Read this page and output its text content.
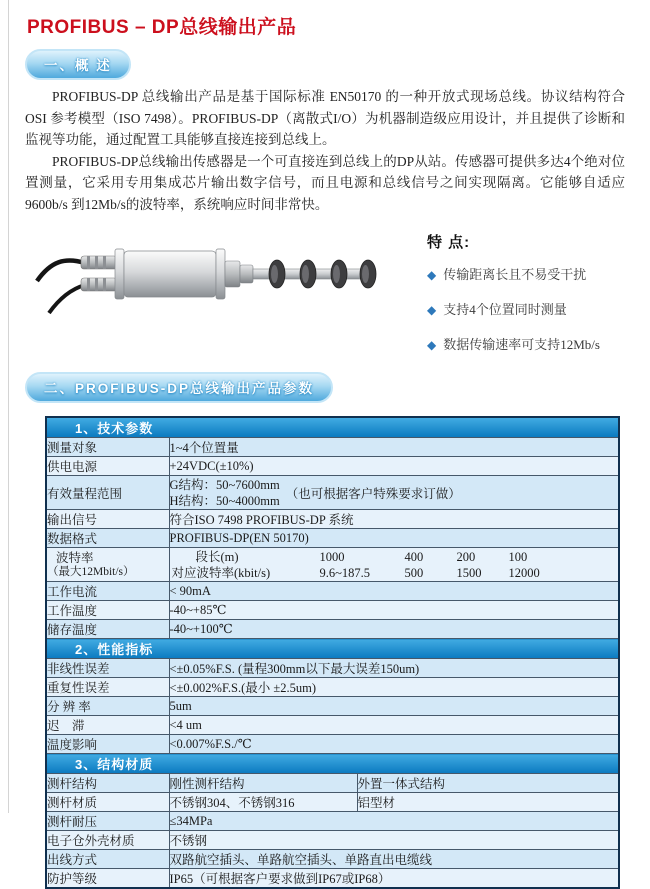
PROFIBUS – DP总线输出产品
一、概 述

PROFIBUS-DP 总线输出产品是基于国际标准 EN50170 的一种开放式现场总线。协议结构符合 OSI 参考模型（ISO 7498）。PROFIBUS-DP（离散式I/O）为机器制造级应用设计，并且提供了诊断和监视等功能，通过配置工具能够直接连接到总线上。

PROFIBUS-DP总线输出传感器是一个可直接连到总线上的DP从站。传感器可提供多达4个绝对位置测量，它采用专用集成芯片输出数字信号，而且电源和总线信号之间实现隔离。它能够自适应9600b/s 到12Mb/s的波特率，系统响应时间非常快。

特 点:
◆ 传输距离长且不易受干扰
◆ 支持4个位置同时测量
◆ 数据传输速率可支持12Mb/s
二、PROFIBUS-DP总线输出产品参数
1、技术参数		
测量对象	1~4个位置量	
供电电源	+24VDC(±10%)	
有效量程范围	G结构：50~7600mm
H结构：50~4000mm （也可根据客户特殊要求订做）	

输出信号	符合ISO 7498 PROFIBUS-DP 系统	
数据格式	PROFIBUS-DP(EN 50170)	

波特率
（最大12Mbit/s）

段长(m)	1000	400	200	100
对应波特率(kbit/s)	9.6~187.5	500	1500	12000

工作电流	< 90mA	
工作温度	-40~+85℃	
储存温度	-40~+100℃	
2、性能指标		
非线性误差	<±0.05%F.S. (量程300mm以下最大误差150um)	
重复性误差	<±0.002%F.S.(最小 ±2.5um)	
分 辨 率	5um	
迟　滞	<4 um	
温度影响	<0.007%F.S./℃	
3、结构材质		
测杆结构	刚性测杆结构	外置一体式结构
测杆材质	不锈钢304、不锈钢316	铝型材
测杆耐压	≤34MPa	
电子仓外壳材质	不锈钢	
出线方式	双路航空插头、单路航空插头、单路直出电缆线	
防护等级	IP65（可根据客户要求做到IP67或IP68）	
